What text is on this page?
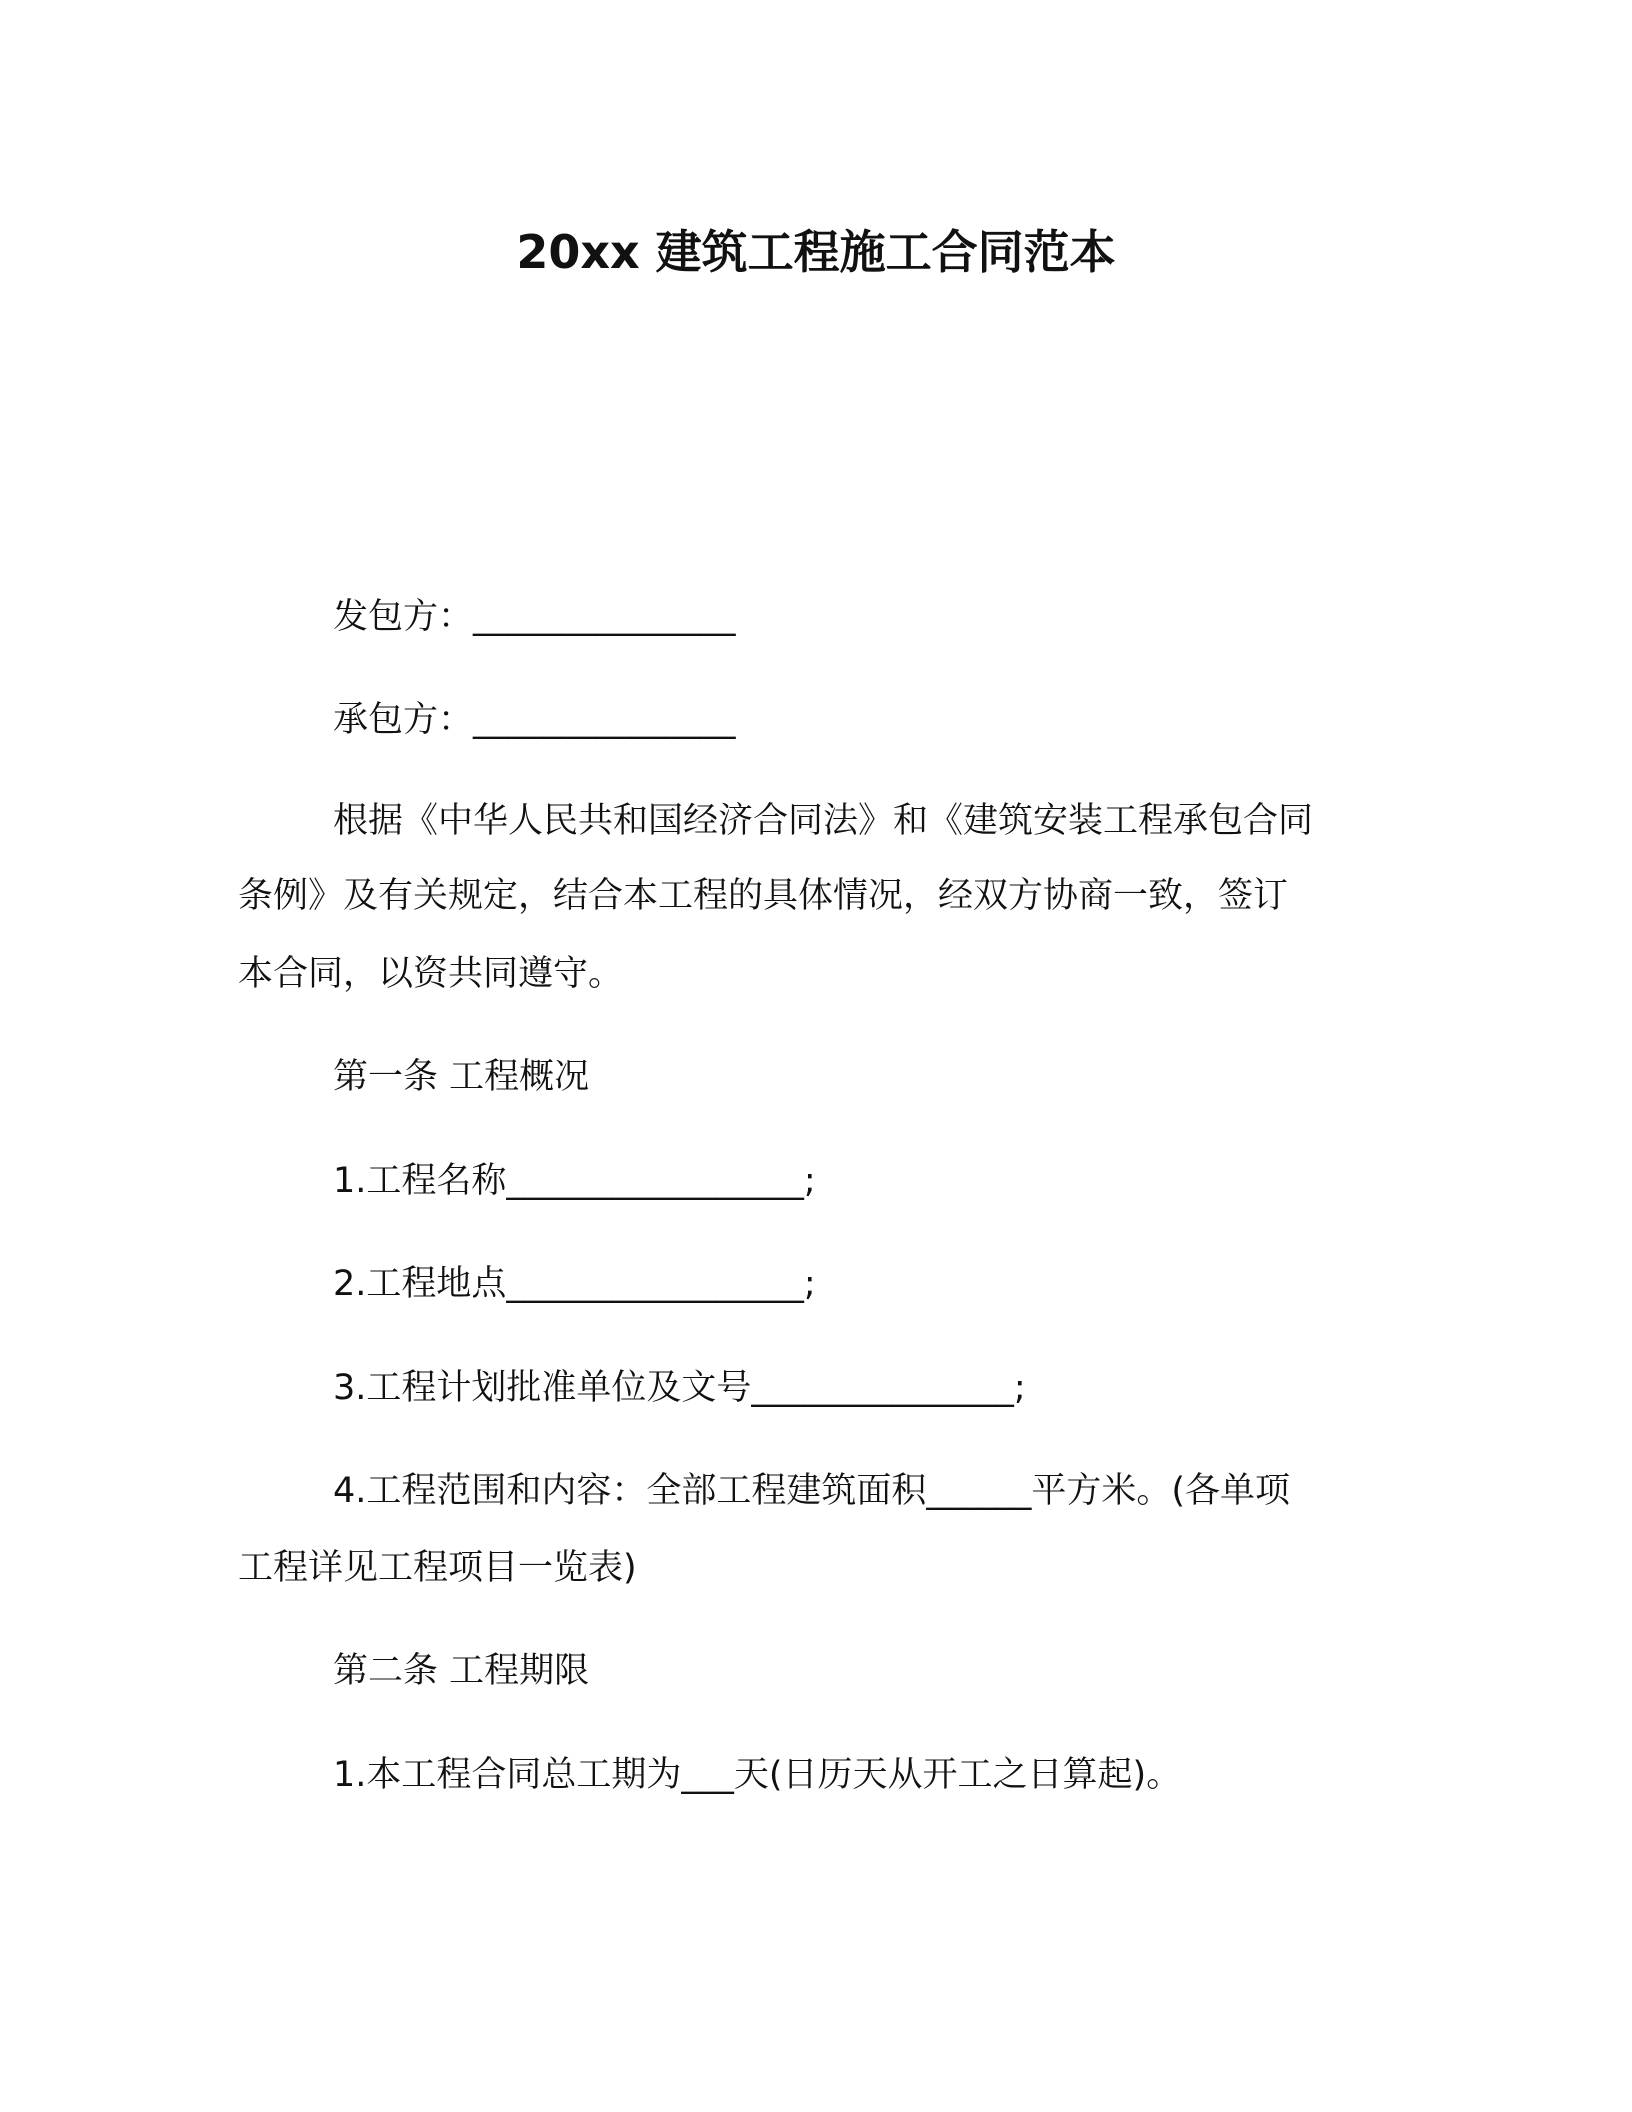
20xx 建筑工程施工合同范本
发包方：_______________
承包方：_______________
根据《中华人民共和国经济合同法》和《建筑安装工程承包合同
条例》及有关规定，结合本工程的具体情况，经双方协商一致，签订
本合同，以资共同遵守。
第一条 工程概况
1.工程名称_________________;
2.工程地点_________________;
3.工程计划批准单位及文号_______________;
4.工程范围和内容：全部工程建筑面积______平方米。(各单项
工程详见工程项目一览表)
第二条 工程期限
1.本工程合同总工期为___天(日历天从开工之日算起)。
